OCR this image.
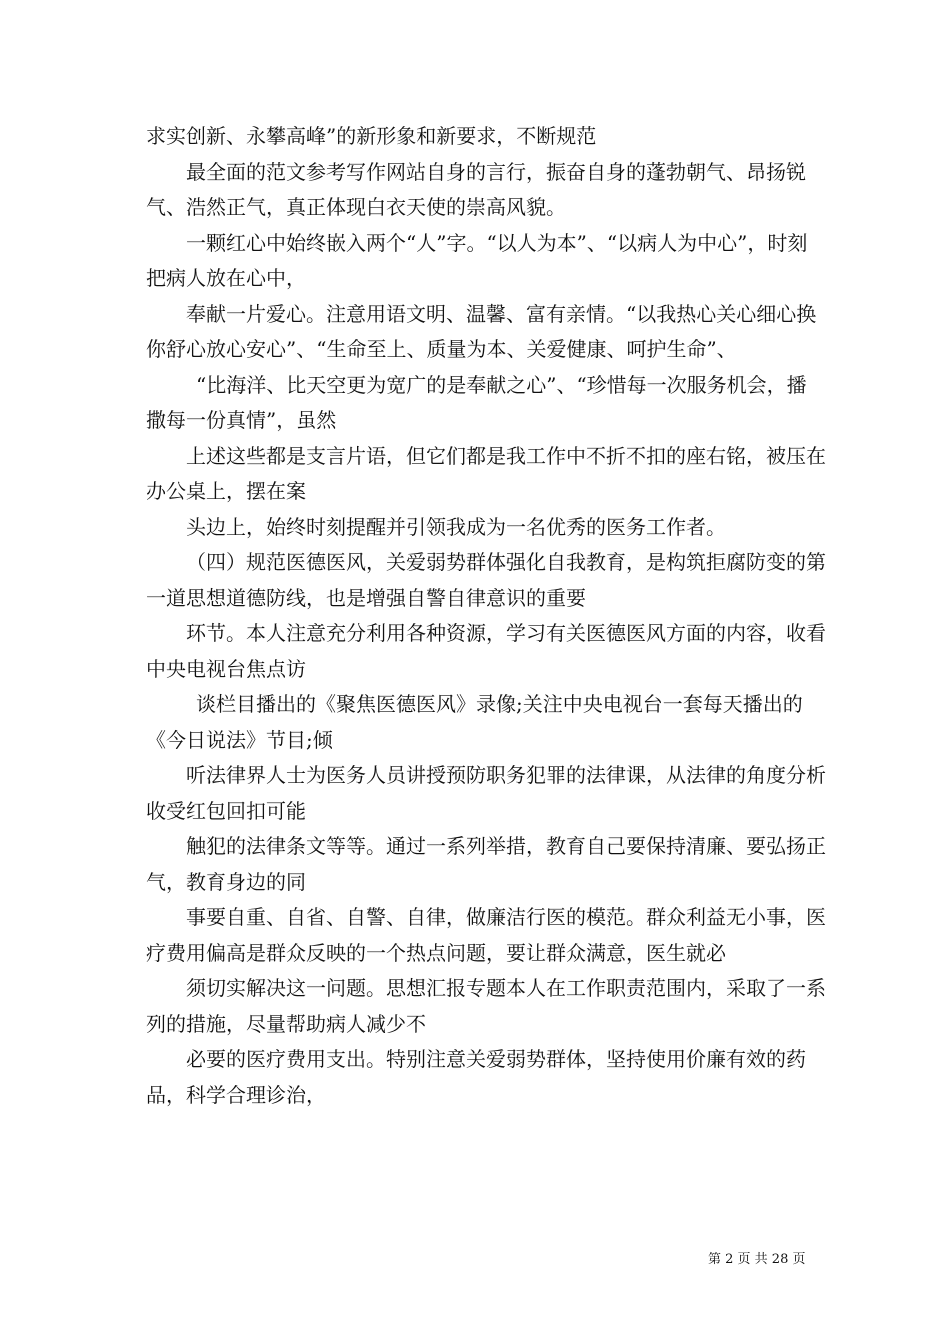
求实创新、永攀高峰”的新形象和新要求，不断规范

最全面的范文参考写作网站自身的言行，振奋自身的蓬勃朝气、昂扬锐气、浩然正气，真正体现白衣天使的崇高风貌。

一颗红心中始终嵌入两个“人”字。“以人为本”、“以病人为中心”，时刻把病人放在心中，

奉献一片爱心。注意用语文明、温馨、富有亲情。“以我热心关心细心换你舒心放心安心”、“生命至上、质量为本、关爱健康、呵护生命”、

“比海洋、比天空更为宽广的是奉献之心”、“珍惜每一次服务机会，播撒每一份真情”，虽然

上述这些都是支言片语，但它们都是我工作中不折不扣的座右铭，被压在办公桌上，摆在案

头边上，始终时刻提醒并引领我成为一名优秀的医务工作者。

（四）规范医德医风，关爱弱势群体强化自我教育，是构筑拒腐防变的第一道思想道德防线，也是增强自警自律意识的重要

环节。本人注意充分利用各种资源，学习有关医德医风方面的内容，收看中央电视台焦点访

谈栏目播出的《聚焦医德医风》录像;关注中央电视台一套每天播出的《今日说法》节目;倾

听法律界人士为医务人员讲授预防职务犯罪的法律课，从法律的角度分析收受红包回扣可能

触犯的法律条文等等。通过一系列举措，教育自己要保持清廉、要弘扬正气，教育身边的同

事要自重、自省、自警、自律，做廉洁行医的模范。群众利益无小事，医疗费用偏高是群众反映的一个热点问题，要让群众满意，医生就必

须切实解决这一问题。思想汇报专题本人在工作职责范围内，采取了一系列的措施，尽量帮助病人减少不

必要的医疗费用支出。特别注意关爱弱势群体，坚持使用价廉有效的药品，科学合理诊治，

第 2 页 共 28 页
